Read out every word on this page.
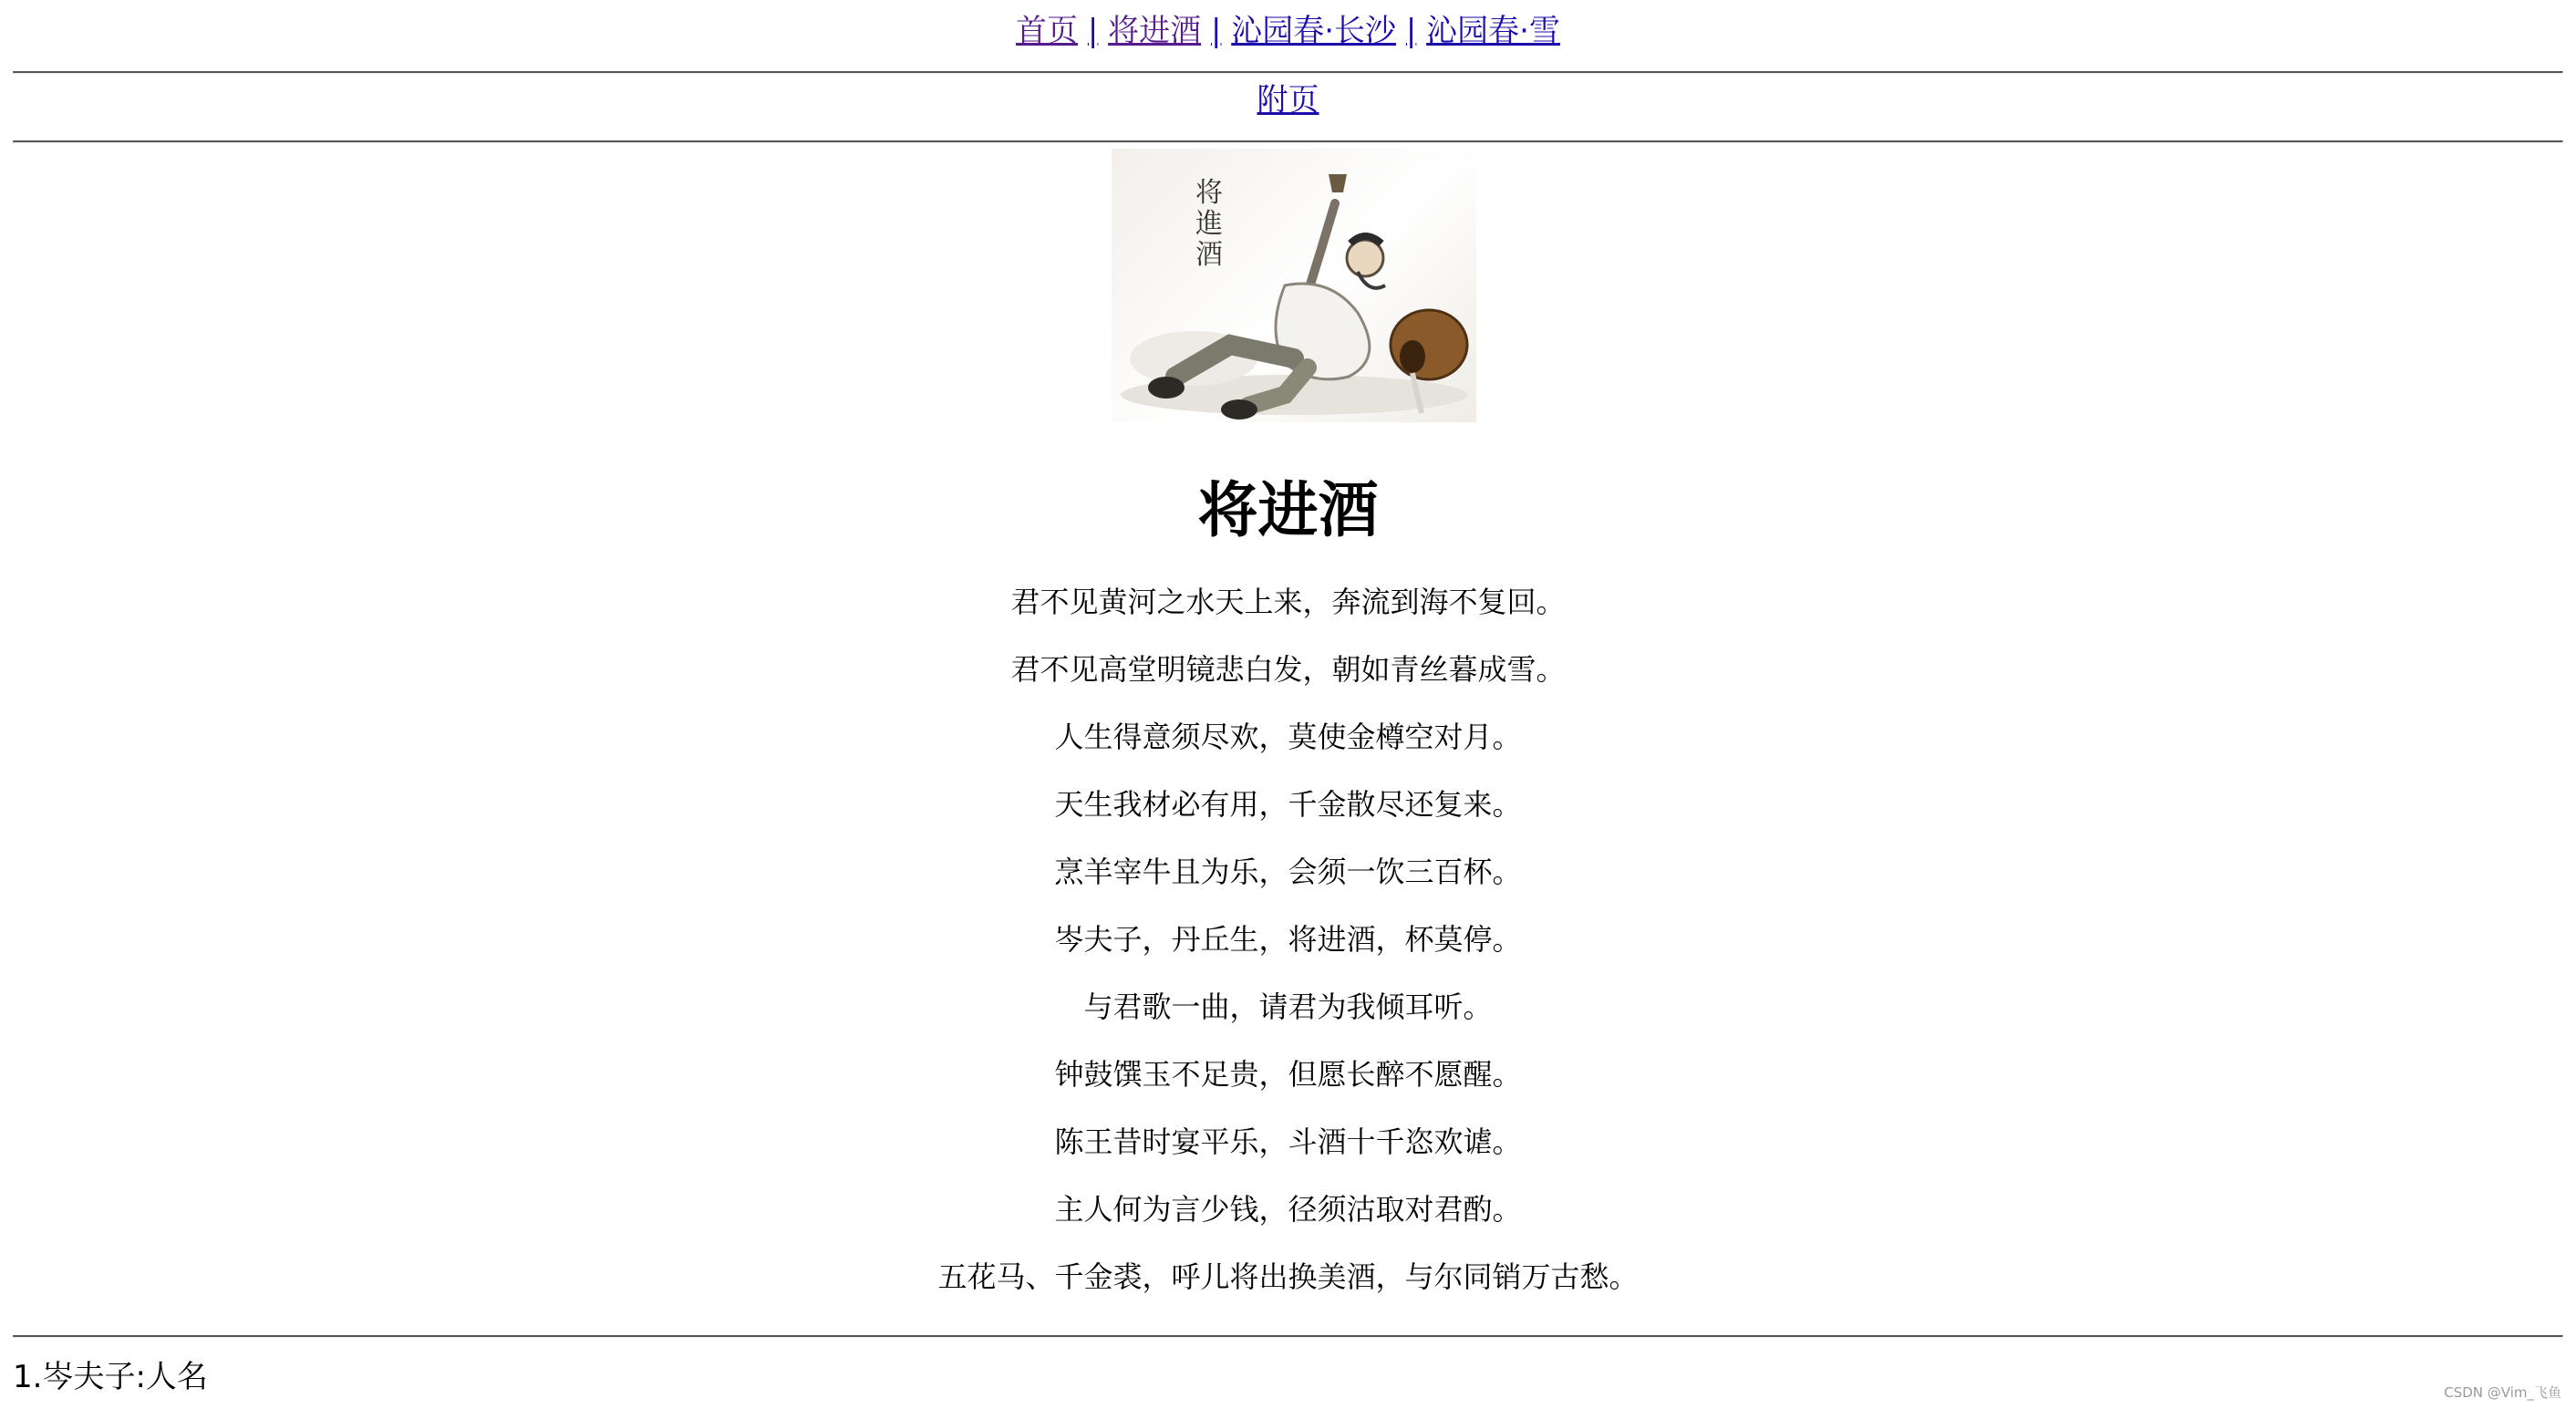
首页 | 将进酒 | 沁园春·长沙 | 沁园春·雪
附页
将
進
酒
将进酒
君不见黄河之水天上来，奔流到海不复回。
君不见高堂明镜悲白发，朝如青丝暮成雪。
人生得意须尽欢，莫使金樽空对月。
天生我材必有用，千金散尽还复来。
烹羊宰牛且为乐，会须一饮三百杯。
岑夫子，丹丘生，将进酒，杯莫停。
与君歌一曲，请君为我倾耳听。
钟鼓馔玉不足贵，但愿长醉不愿醒。
陈王昔时宴平乐，斗酒十千恣欢谑。
主人何为言少钱，径须沽取对君酌。
五花马、千金裘，呼儿将出换美酒，与尔同销万古愁。
1.岑夫子:人名	CSDN @Vim_飞鱼
